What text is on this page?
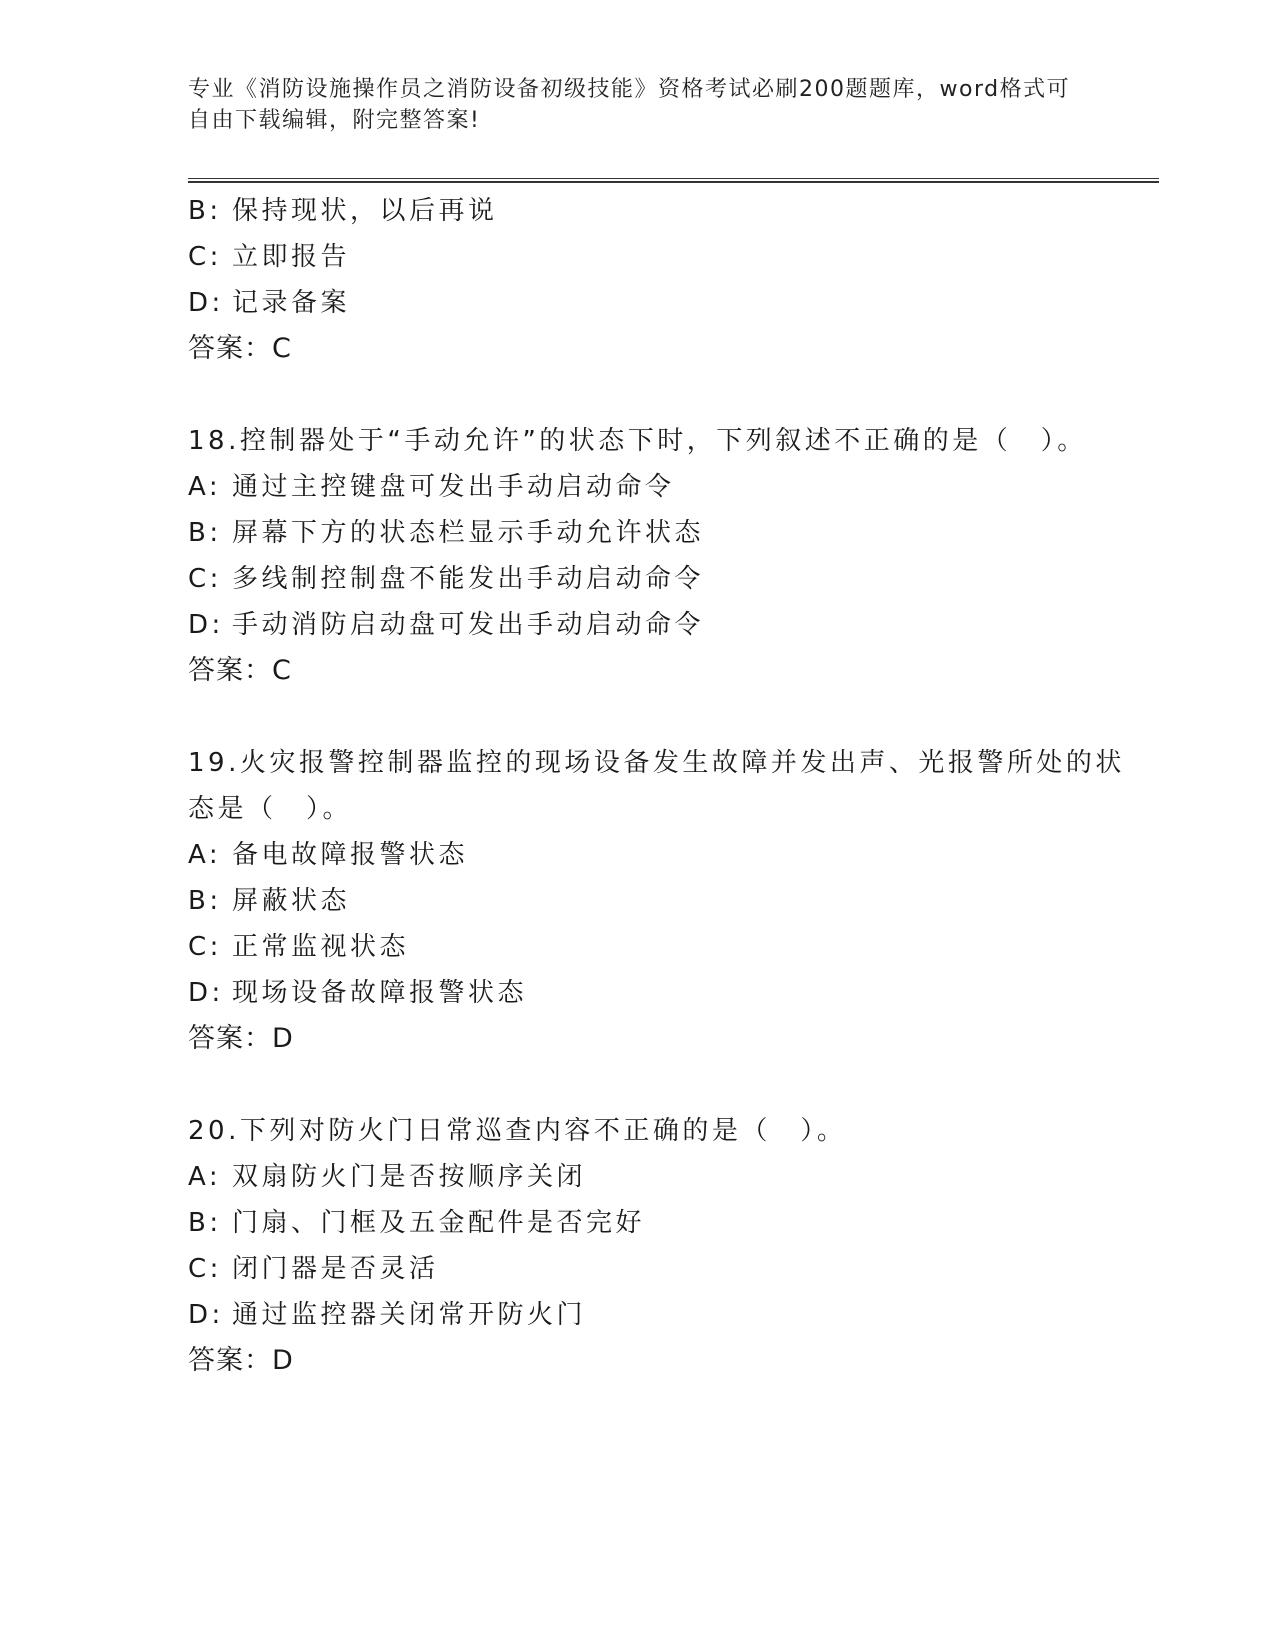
专业《消防设施操作员之消防设备初级技能》资格考试必刷200题题库，word格式可自由下载编辑，附完整答案!
B: 保持现状，以后再说
C: 立即报告
D: 记录备案
答案：C
18.控制器处于“手动允许”的状态下时，下列叙述不正确的是（　）。
A: 通过主控键盘可发出手动启动命令
B: 屏幕下方的状态栏显示手动允许状态
C: 多线制控制盘不能发出手动启动命令
D: 手动消防启动盘可发出手动启动命令
答案：C
19.火灾报警控制器监控的现场设备发生故障并发出声、光报警所处的状态是（　）。
A: 备电故障报警状态
B: 屏蔽状态
C: 正常监视状态
D: 现场设备故障报警状态
答案：D
20.下列对防火门日常巡查内容不正确的是（　）。
A: 双扇防火门是否按顺序关闭
B: 门扇、门框及五金配件是否完好
C: 闭门器是否灵活
D: 通过监控器关闭常开防火门
答案：D
